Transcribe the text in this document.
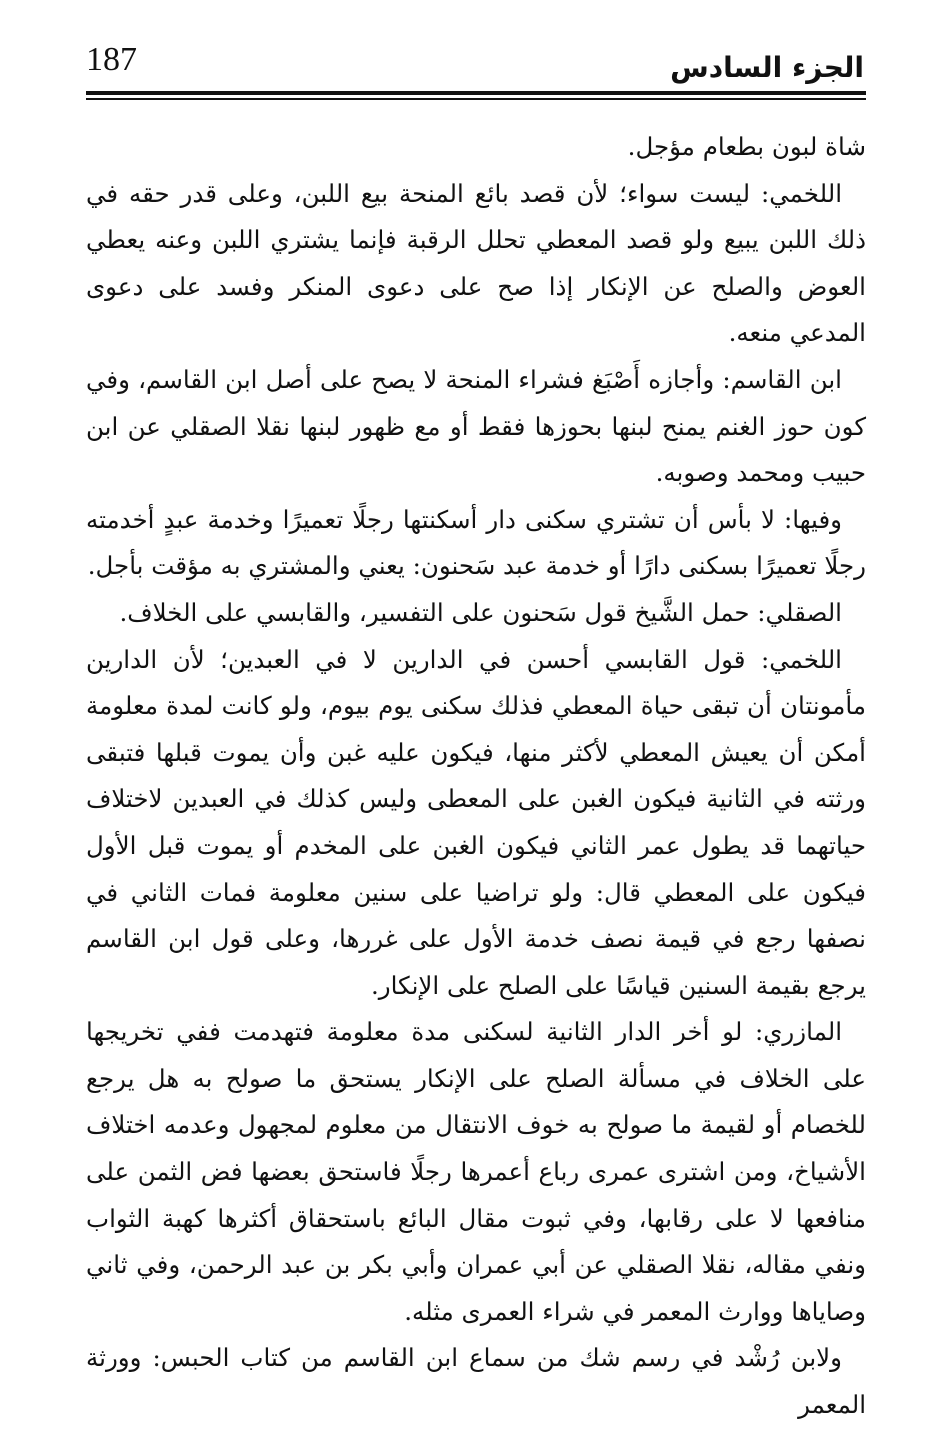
الجزء السادس
187

شاة لبون بطعام مؤجل.

اللخمي: ليست سواء؛ لأن قصد بائع المنحة بيع اللبن، وعلى قدر حقه في ذلك اللبن يبيع ولو قصد المعطي تحلل الرقبة فإنما يشتري اللبن وعنه يعطي العوض والصلح عن الإنكار إذا صح على دعوى المنكر وفسد على دعوى المدعي منعه.

ابن القاسم: وأجازه أَصْبَغ فشراء المنحة لا يصح على أصل ابن القاسم، وفي كون حوز الغنم يمنح لبنها بحوزها فقط أو مع ظهور لبنها نقلا الصقلي عن ابن حبيب ومحمد وصوبه.

وفيها: لا بأس أن تشتري سكنى دار أسكنتها رجلًا تعميرًا وخدمة عبدٍ أخدمته رجلًا تعميرًا بسكنى دارًا أو خدمة عبد سَحنون: يعني والمشتري به مؤقت بأجل.

الصقلي: حمل الشَّيخ قول سَحنون على التفسير، والقابسي على الخلاف.

اللخمي: قول القابسي أحسن في الدارين لا في العبدين؛ لأن الدارين مأمونتان أن تبقى حياة المعطي فذلك سكنى يوم بيوم، ولو كانت لمدة معلومة أمكن أن يعيش المعطي لأكثر منها، فيكون عليه غبن وأن يموت قبلها فتبقى ورثته في الثانية فيكون الغبن على المعطى وليس كذلك في العبدين لاختلاف حياتهما قد يطول عمر الثاني فيكون الغبن على المخدم أو يموت قبل الأول فيكون على المعطي قال: ولو تراضيا على سنين معلومة فمات الثاني في نصفها رجع في قيمة نصف خدمة الأول على غررها، وعلى قول ابن القاسم يرجع بقيمة السنين قياسًا على الصلح على الإنكار.

المازري: لو أخر الدار الثانية لسكنى مدة معلومة فتهدمت ففي تخريجها على الخلاف في مسألة الصلح على الإنكار يستحق ما صولح به هل يرجع للخصام أو لقيمة ما صولح به خوف الانتقال من معلوم لمجهول وعدمه اختلاف الأشياخ، ومن اشترى عمرى رباع أعمرها رجلًا فاستحق بعضها فض الثمن على منافعها لا على رقابها، وفي ثبوت مقال البائع باستحقاق أكثرها كهبة الثواب ونفي مقاله، نقلا الصقلي عن أبي عمران وأبي بكر بن عبد الرحمن، وفي ثاني وصاياها ووارث المعمر في شراء العمرى مثله.

ولابن رُشْد في رسم شك من سماع ابن القاسم من كتاب الحبس: وورثة المعمر
